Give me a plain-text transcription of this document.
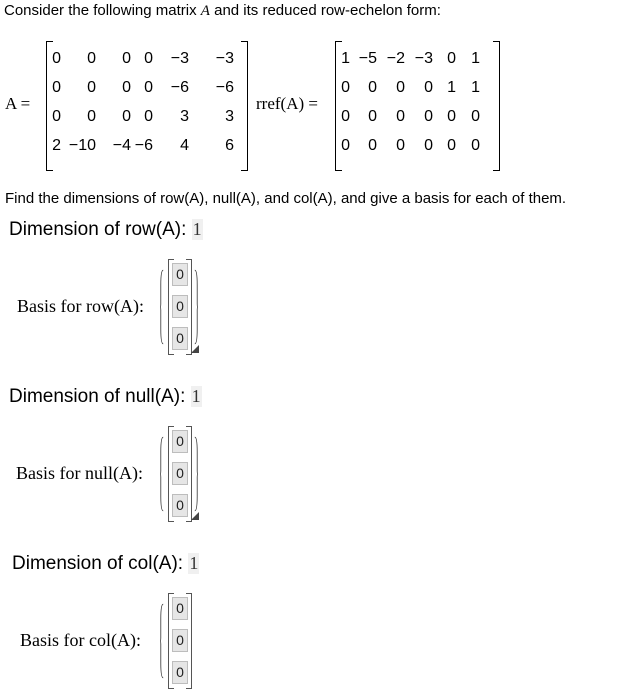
Consider the following matrix A and its reduced row-echelon form:
A =
0	0	0 0	−3	−3
0	0	0 0	−6	−6
0	0	0 0	3	3
2 −10	−4 −6	4	6
rref(A) =
1 −5 −2 −3 0 1
0	0	0	0 1 1
0	0	0	0 0 0
0	0	0	0 0 0
Find the dimensions of row(A), null(A), and col(A), and give a basis for each of them.
Dimension of row(A): 1
Basis for row(A):
0
0
0
Dimension of null(A): 1
Basis for null(A):
0
0
0
Dimension of col(A): 1
Basis for col(A):
0
0
0
